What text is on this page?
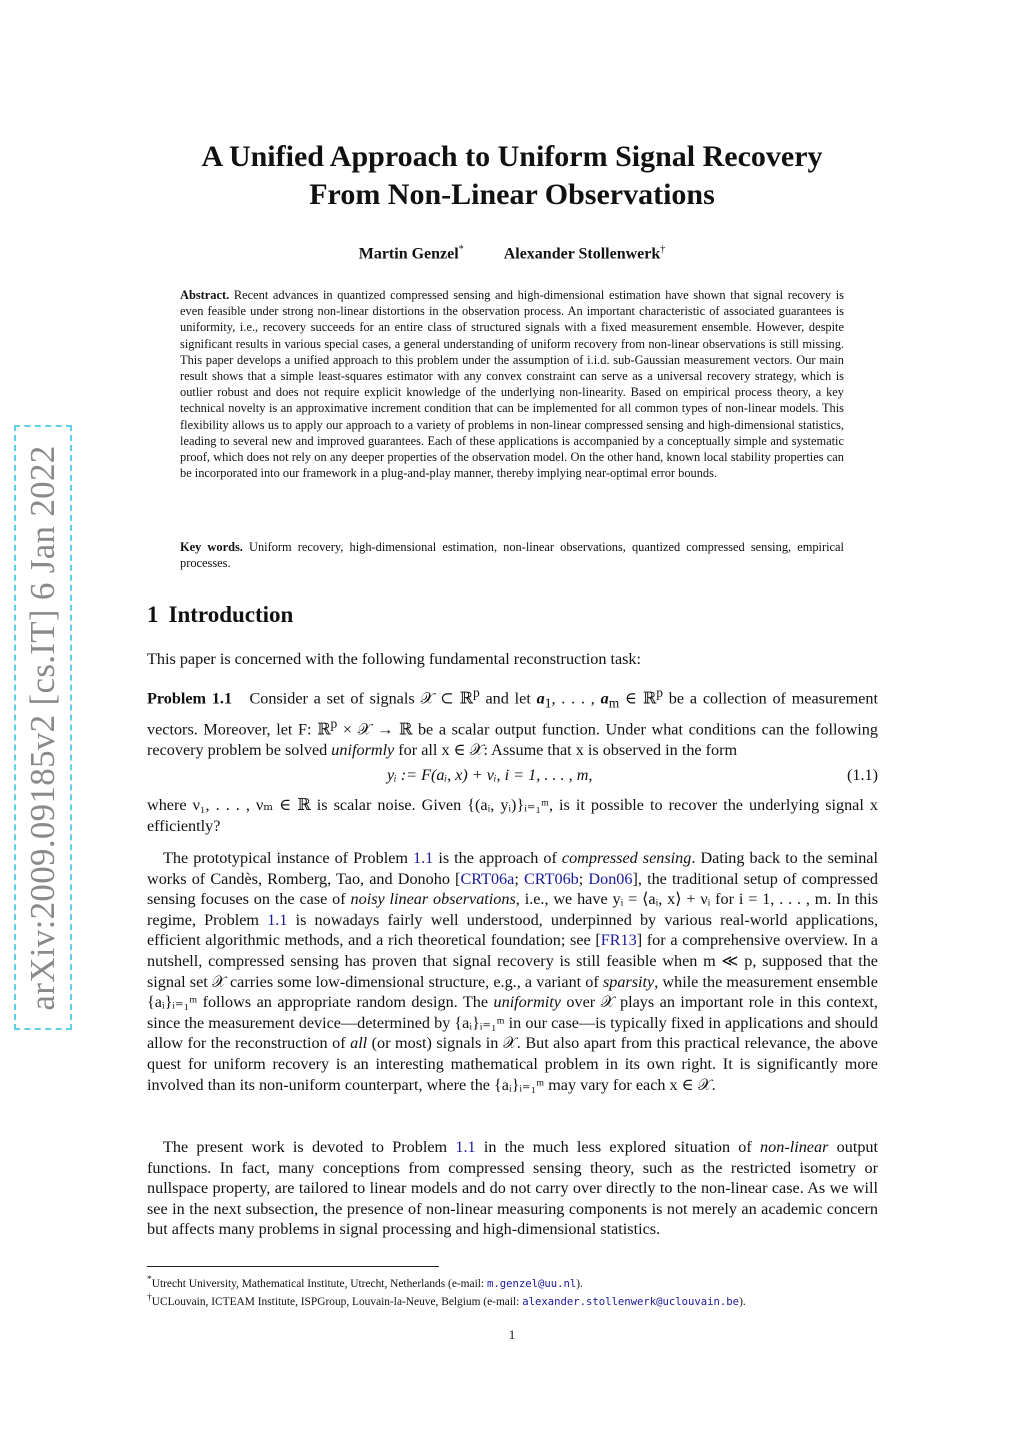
arXiv:2009.09185v2 [cs.IT] 6 Jan 2022
A Unified Approach to Uniform Signal Recovery
From Non-Linear Observations
Martin Genzel*	Alexander Stollenwerk†
Abstract. Recent advances in quantized compressed sensing and high-dimensional estimation have shown that signal recovery is even feasible under strong non-linear distortions in the observation process. An important characteristic of associated guarantees is uniformity, i.e., recovery succeeds for an entire class of structured signals with a fixed measurement ensemble. However, despite significant results in various special cases, a general understanding of uniform recovery from non-linear observations is still missing. This paper develops a unified approach to this problem under the assumption of i.i.d. sub-Gaussian measurement vectors. Our main result shows that a simple least-squares estimator with any convex constraint can serve as a universal recovery strategy, which is outlier robust and does not require explicit knowledge of the underlying non-linearity. Based on empirical process theory, a key technical novelty is an approximative increment condition that can be implemented for all common types of non-linear models. This flexibility allows us to apply our approach to a variety of problems in non-linear compressed sensing and high-dimensional statistics, leading to several new and improved guarantees. Each of these applications is accompanied by a conceptually simple and systematic proof, which does not rely on any deeper properties of the observation model. On the other hand, known local stability properties can be incorporated into our framework in a plug-and-play manner, thereby implying near-optimal error bounds.
Key words. Uniform recovery, high-dimensional estimation, non-linear observations, quantized compressed sensing, empirical processes.
1 Introduction
This paper is concerned with the following fundamental reconstruction task:
Problem 1.1 Consider a set of signals 𝒳 ⊂ ℝ$^p$ and let $a_1$, . . . , $a_m$ ∈ ℝ$^p$ be a collection of measurement vectors. Moreover, let F: ℝ$^p$ × 𝒳 → ℝ be a scalar output function. Under what conditions can the following recovery problem be solved uniformly for all x ∈ 𝒳: Assume that x is observed in the form
yᵢ := F(aᵢ, x) + νᵢ, i = 1, . . . , m,	(1.1)
where ν₁, . . . , νₘ ∈ ℝ is scalar noise. Given {(aᵢ, yᵢ)}ᵢ₌₁ᵐ, is it possible to recover the underlying signal x efficiently?
The prototypical instance of Problem 1.1 is the approach of compressed sensing. Dating back to the seminal works of Candès, Romberg, Tao, and Donoho [CRT06a; CRT06b; Don06], the traditional setup of compressed sensing focuses on the case of noisy linear observations, i.e., we have yᵢ = ⟨aᵢ, x⟩ + νᵢ for i = 1, . . . , m. In this regime, Problem 1.1 is nowadays fairly well understood, underpinned by various real-world applications, efficient algorithmic methods, and a rich theoretical foundation; see [FR13] for a comprehensive overview. In a nutshell, compressed sensing has proven that signal recovery is still feasible when m ≪ p, supposed that the signal set 𝒳 carries some low-dimensional structure, e.g., a variant of sparsity, while the measurement ensemble {aᵢ}ᵢ₌₁ᵐ follows an appropriate random design. The uniformity over 𝒳 plays an important role in this context, since the measurement device—determined by {aᵢ}ᵢ₌₁ᵐ in our case—is typically fixed in applications and should allow for the reconstruction of all (or most) signals in 𝒳. But also apart from this practical relevance, the above quest for uniform recovery is an interesting mathematical problem in its own right. It is significantly more involved than its non-uniform counterpart, where the {aᵢ}ᵢ₌₁ᵐ may vary for each x ∈ 𝒳.
The present work is devoted to Problem 1.1 in the much less explored situation of non-linear output functions. In fact, many conceptions from compressed sensing theory, such as the restricted isometry or nullspace property, are tailored to linear models and do not carry over directly to the non-linear case. As we will see in the next subsection, the presence of non-linear measuring components is not merely an academic concern but affects many problems in signal processing and high-dimensional statistics.
*Utrecht University, Mathematical Institute, Utrecht, Netherlands (e-mail: m.genzel@uu.nl).
†UCLouvain, ICTEAM Institute, ISPGroup, Louvain-la-Neuve, Belgium (e-mail: alexander.stollenwerk@uclouvain.be).
1
